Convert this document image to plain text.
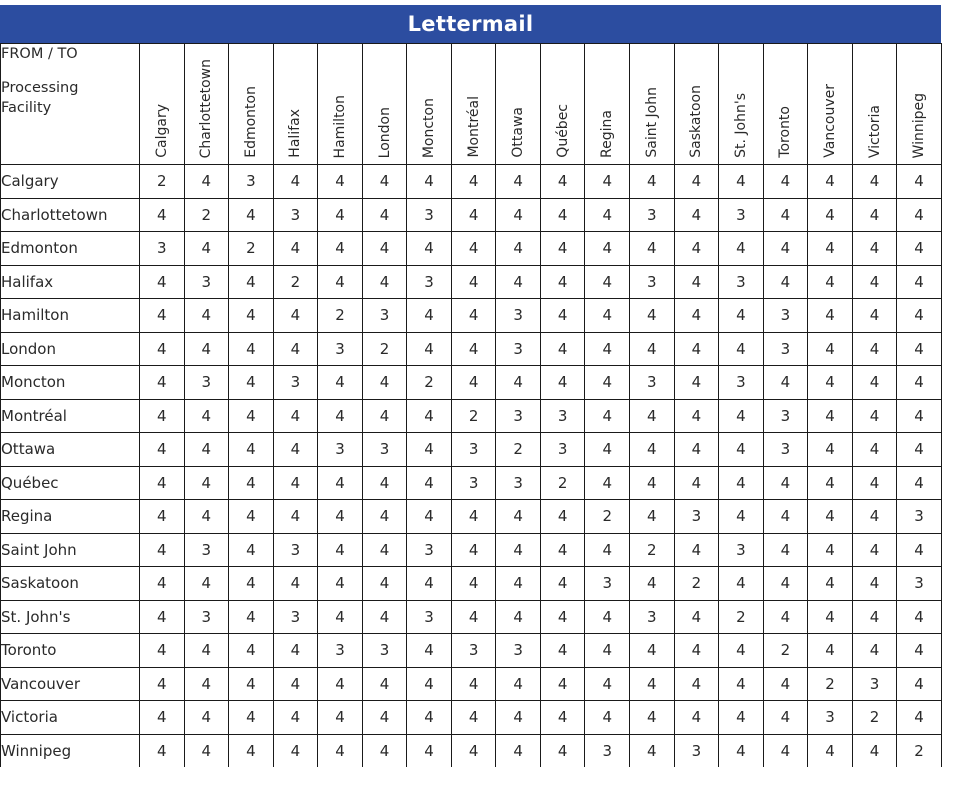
Lettermail
FROM / TO
Processing Facility	Calgary	Charlottetown	Edmonton	Halifax	Hamilton	London	Moncton	Montréal	Ottawa	Québec	Regina	Saint John	Saskatoon	St. John's	Toronto	Vancouver	Victoria	Winnipeg

Calgary	2	4	3	4	4	4	4	4	4	4	4	4	4	4	4	4	4	4
Charlottetown	4	2	4	3	4	4	3	4	4	4	4	3	4	3	4	4	4	4
Edmonton	3	4	2	4	4	4	4	4	4	4	4	4	4	4	4	4	4	4
Halifax	4	3	4	2	4	4	3	4	4	4	4	3	4	3	4	4	4	4
Hamilton	4	4	4	4	2	3	4	4	3	4	4	4	4	4	3	4	4	4
London	4	4	4	4	3	2	4	4	3	4	4	4	4	4	3	4	4	4
Moncton	4	3	4	3	4	4	2	4	4	4	4	3	4	3	4	4	4	4
Montréal	4	4	4	4	4	4	4	2	3	3	4	4	4	4	3	4	4	4
Ottawa	4	4	4	4	3	3	4	3	2	3	4	4	4	4	3	4	4	4
Québec	4	4	4	4	4	4	4	3	3	2	4	4	4	4	4	4	4	4
Regina	4	4	4	4	4	4	4	4	4	4	2	4	3	4	4	4	4	3
Saint John	4	3	4	3	4	4	3	4	4	4	4	2	4	3	4	4	4	4
Saskatoon	4	4	4	4	4	4	4	4	4	4	3	4	2	4	4	4	4	3
St. John's	4	3	4	3	4	4	3	4	4	4	4	3	4	2	4	4	4	4
Toronto	4	4	4	4	3	3	4	3	3	4	4	4	4	4	2	4	4	4
Vancouver	4	4	4	4	4	4	4	4	4	4	4	4	4	4	4	2	3	4
Victoria	4	4	4	4	4	4	4	4	4	4	4	4	4	4	4	3	2	4
Winnipeg	4	4	4	4	4	4	4	4	4	4	3	4	3	4	4	4	4	2
